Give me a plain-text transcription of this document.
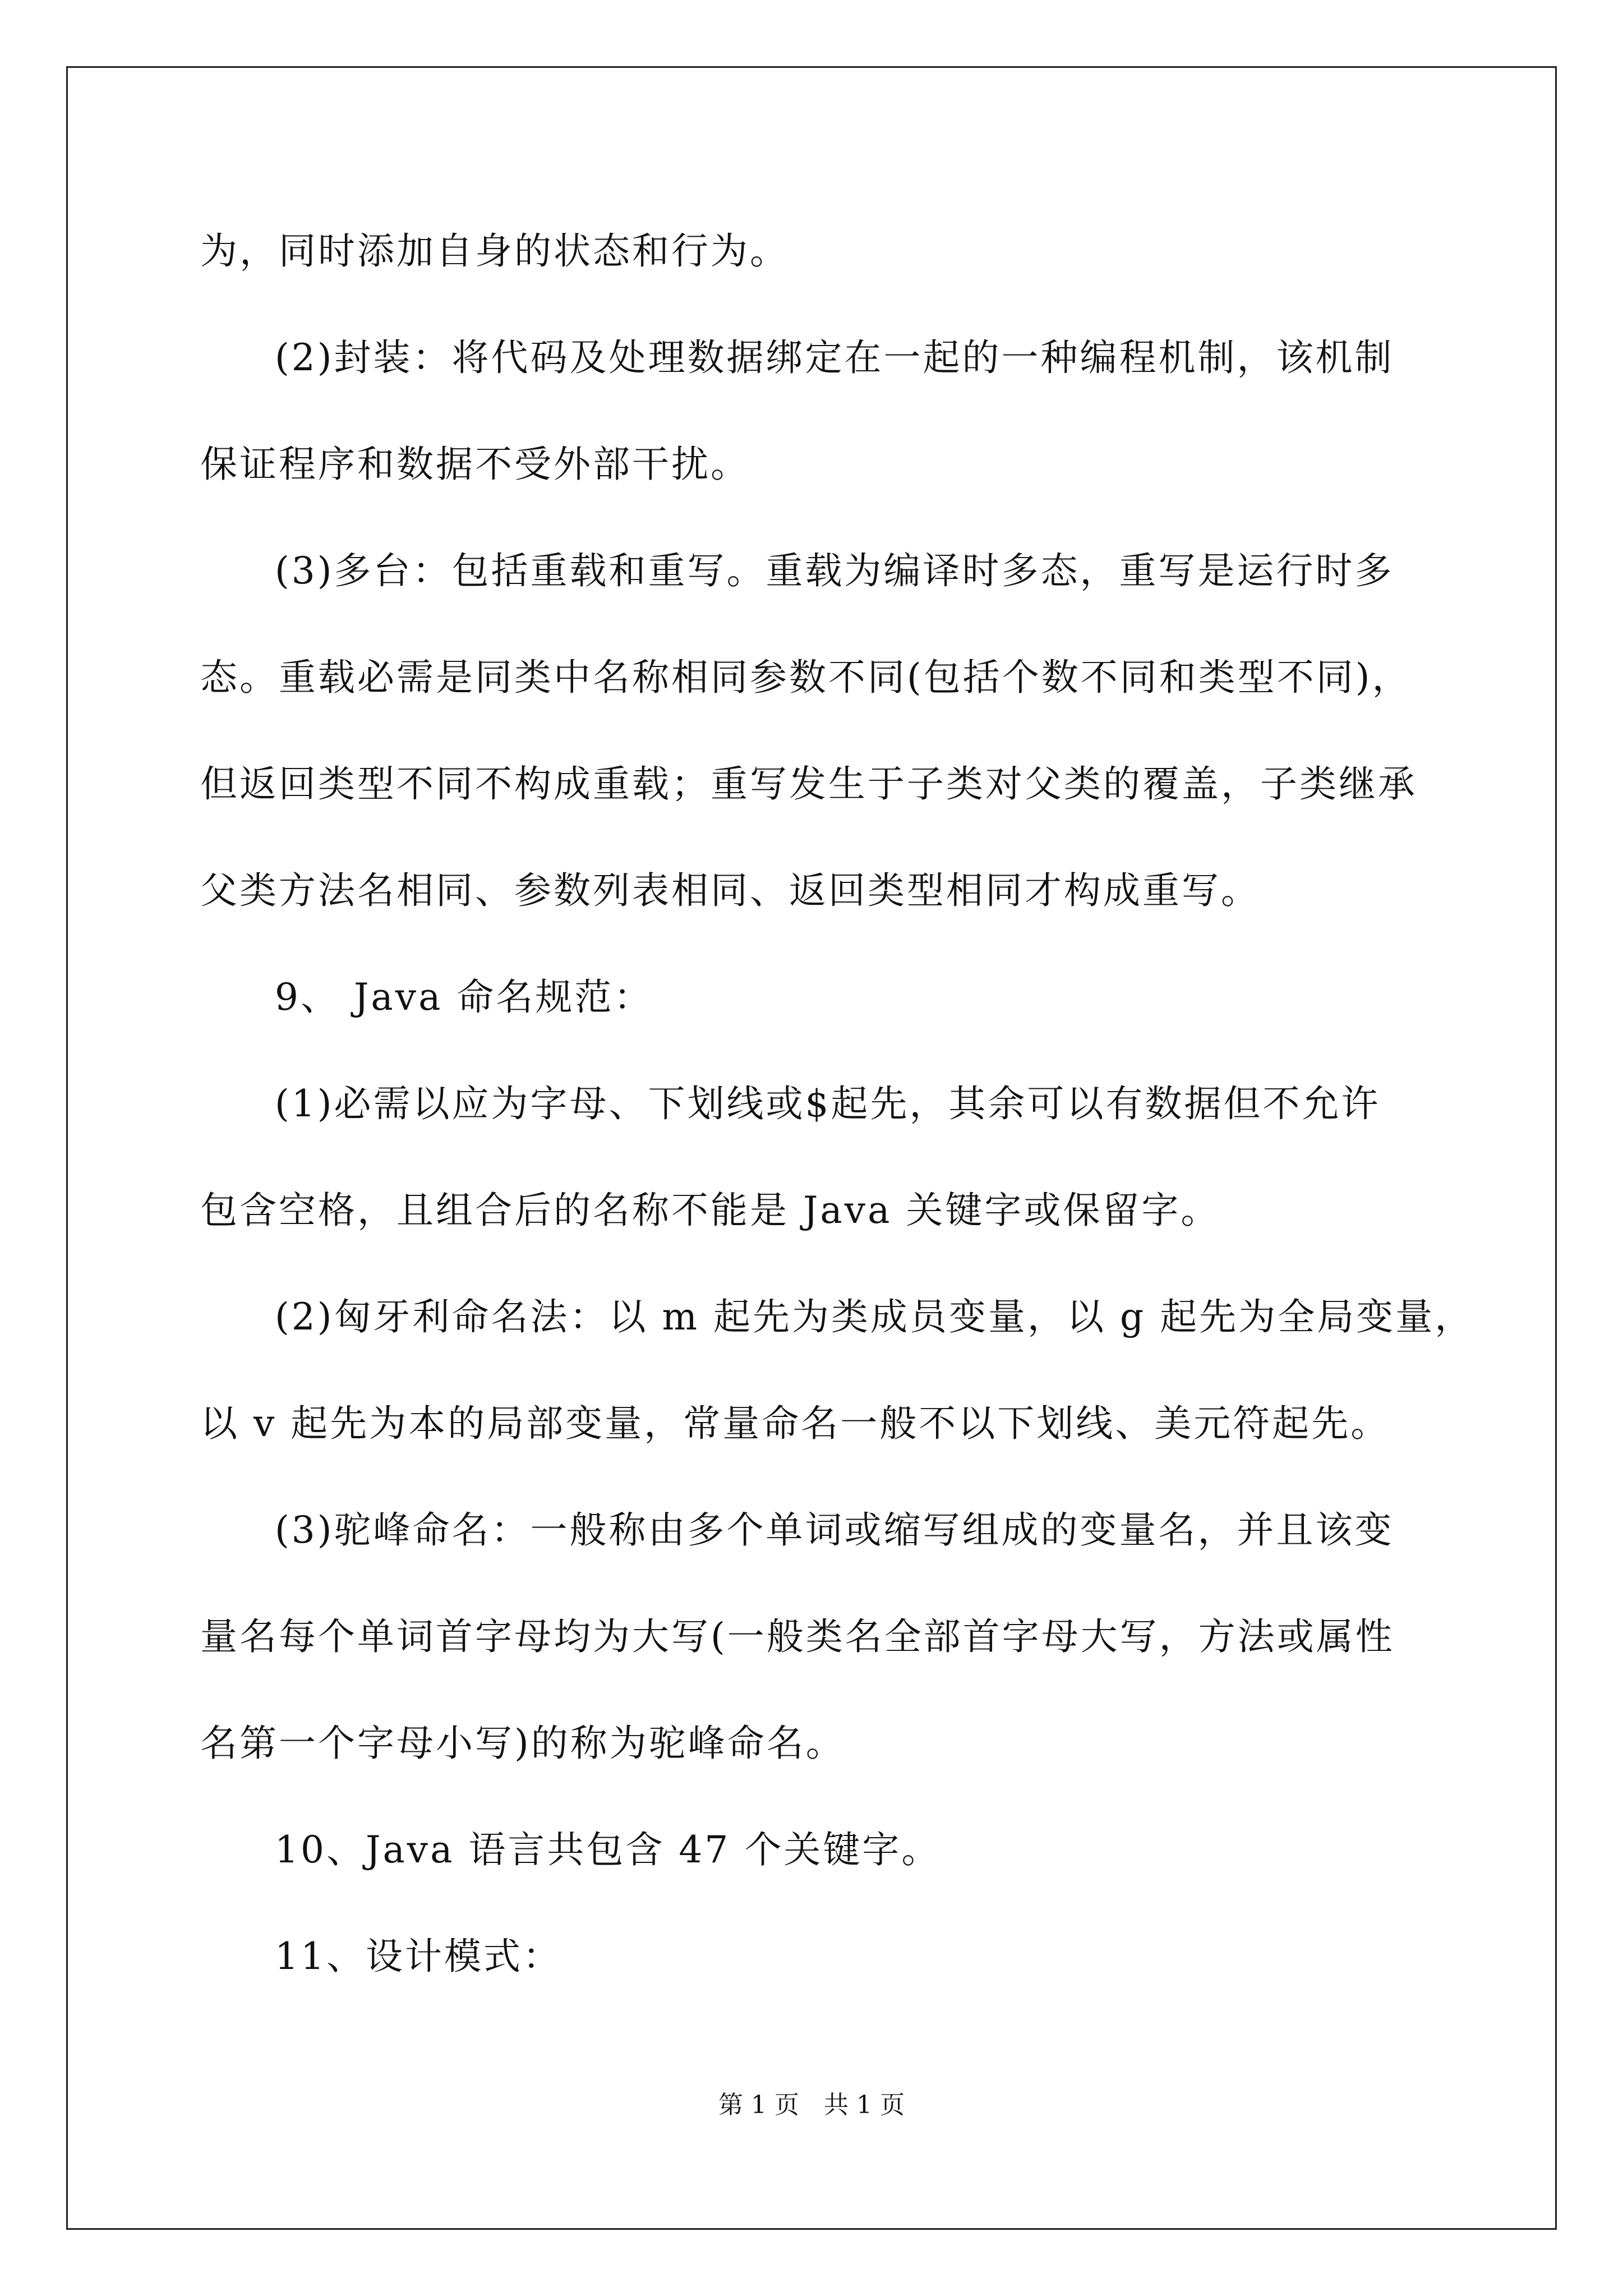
为，同时添加自身的状态和行为。
(2)封装：将代码及处理数据绑定在一起的一种编程机制，该机制
保证程序和数据不受外部干扰。
(3)多台：包括重载和重写。重载为编译时多态，重写是运行时多
态。重载必需是同类中名称相同参数不同(包括个数不同和类型不同)，
但返回类型不同不构成重载；重写发生于子类对父类的覆盖，子类继承
父类方法名相同、参数列表相同、返回类型相同才构成重写。
9、 Java 命名规范：
(1)必需以应为字母、下划线或$起先，其余可以有数据但不允许
包含空格，且组合后的名称不能是 Java 关键字或保留字。
(2)匈牙利命名法：以 m 起先为类成员变量，以 g 起先为全局变量，
以 v 起先为本的局部变量，常量命名一般不以下划线、美元符起先。
(3)驼峰命名：一般称由多个单词或缩写组成的变量名，并且该变
量名每个单词首字母均为大写(一般类名全部首字母大写，方法或属性
名第一个字母小写)的称为驼峰命名。
10、Java 语言共包含 47 个关键字。
11、设计模式：
第 1 页　共 1 页
